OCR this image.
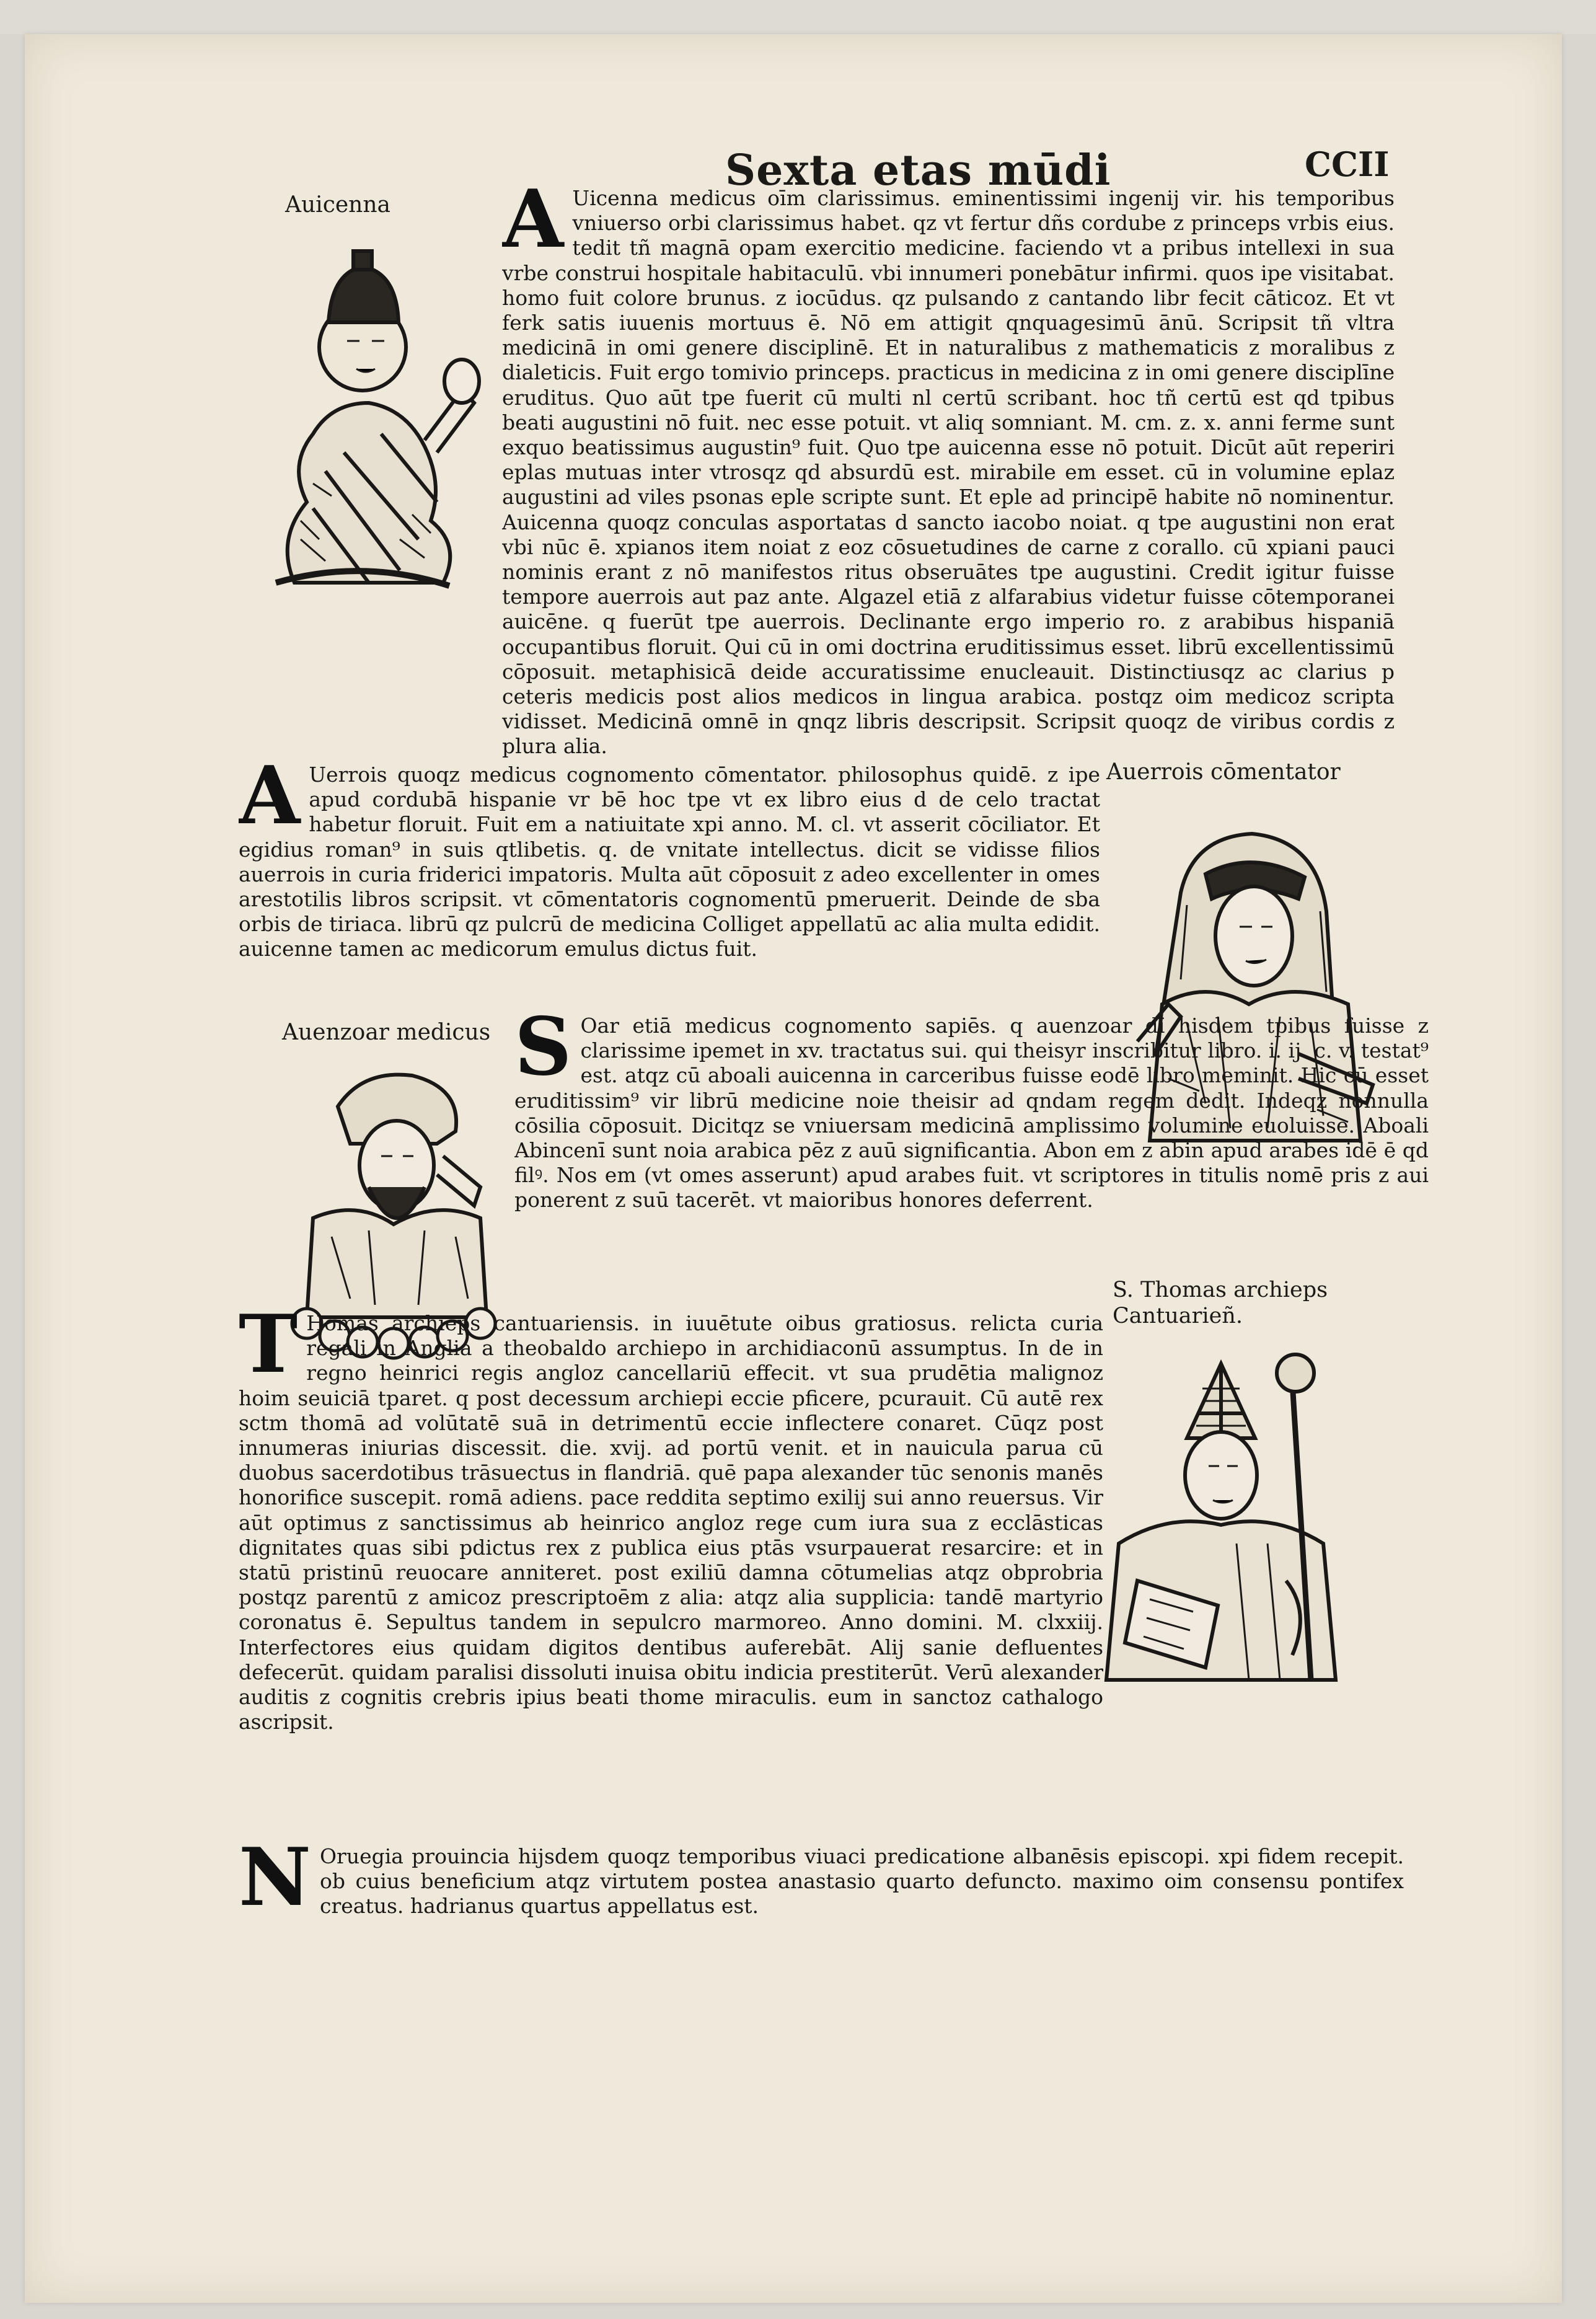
Sexta etas mūdi	CCII
Auicenna A Uicenna medicus oīm clarissimus. eminentissimi ingenij vir. his temporibus vniuerso orbi clarissimus habet. qz vt fertur dñs cordube z princeps vrbis eius. tedit tñ magnā opam exercitio medicine. faciendo vt a pribus intellexi in sua vrbe construi hospitale habitaculū. vbi innumeri ponebātur infirmi. quos ipe visitabat. homo fuit colore brunus. z iocūdus. qz pulsando z cantando libr fecit cāticoz. Et vt ferk satis iuuenis mortuus ē. Nō em attigit qnquagesimū ānū. Scripsit tñ vltra medicinā in omi genere disciplinē. Et in naturalibus z mathematicis z moralibus z dialeticis. Fuit ergo tomivio princeps. practicus in medicina z in omi genere disciplīne eruditus. Quo aūt tpe fuerit cū multi nl certū scribant. hoc tñ certū est qd tpibus beati augustini nō fuit. nec esse potuit. vt aliq somniant. M. cm. z. x. anni ferme sunt exquo beatissimus augustin⁹ fuit. Quo tpe auicenna esse nō potuit. Dicūt aūt reperiri eplas mutuas inter vtrosqz qd absurdū est. mirabile em esset. cū in volumine eplaz augustini ad viles psonas eple scripte sunt. Et eple ad principē habite nō nominentur. Auicenna quoqz conculas asportatas d sancto iacobo noiat. q tpe augustini non erat vbi nūc ē. xpianos item noiat z eoz cōsuetudines de carne z corallo. cū xpiani pauci nominis erant z nō manifestos ritus obseruātes tpe augustini. Credit igitur fuisse tempore auerrois aut paz ante. Algazel etiā z alfarabius videtur fuisse cōtemporanei auicēne. q fuerūt tpe auerrois. Declinante ergo imperio ro. z arabibus hispaniā occupantibus floruit. Qui cū in omi doctrina eruditissimus esset. librū excellentissimū cōposuit. metaphisicā deide accuratissime enucleauit. Distinctiusqz ac clarius p ceteris medicis post alios medicos in lingua arabica. postqz oim medicoz scripta vidisset. Medicinā omnē in qnqz libris descripsit. Scripsit quoqz de viribus cordis z plura alia.
Auerrois cōmentator
A Uerrois quoqz medicus cognomento cōmentator. philosophus quidē. z ipe apud cordubā hispanie vr bē hoc tpe vt ex libro eius d de celo tractat habetur floruit. Fuit em a natiuitate xpi anno. M. cl. vt asserit cōciliator. Et egidius roman⁹ in suis qtlibetis. q. de vnitate intellectus. dicit se vidisse filios auerrois in curia friderici impatoris. Multa aūt cōposuit z adeo excellenter in omes arestotilis libros scripsit. vt cōmentatoris cognomentū pmeruerit. Deinde de sba orbis de tiriaca. librū qz pulcrū de medicina Colliget appellatū ac alia multa edidit. auicenne tamen ac medicorum emulus dictus fuit.
Auenzoar medicus S Oar etiā medicus cognomento sapiēs. q auenzoar dī hisdem tpibus fuisse z clarissime ipemet in xv. tractatus sui. qui theisyr inscribitur libro. i. ij. c. v. testat⁹ est. atqz cū aboali auicenna in carceribus fuisse eodē libro meminit. Hic cū esset eruditissim⁹ vir librū medicine noie theisir ad qndam regem dedit. Indeqz nonnulla cōsilia cōposuit. Dicitqz se vniuersam medicinā amplissimo volumine euoluisse. Aboali Abincenī sunt noia arabica pēz z auū significantia. Abon em z abin apud arabes idē ē qd filꝰ. Nos em (vt omes asserunt) apud arabes fuit. vt scriptores in titulis nomē pris z aui ponerent z suū tacerēt. vt maioribus honores deferrent.
S. Thomas archieps Cantuarieñ.
T Homas archieps cantuariensis. in iuuētute oibus gratiosus. relicta curia regali in Anglia a theobaldo archiepo in archidiaconū assumptus. In de in regno heinrici regis angloz cancellariū effecit. vt sua prudētia malignoz hoim seuiciā tparet. q post decessum archiepi eccie pficere, pcurauit. Cū autē rex sctm thomā ad volūtatē suā in detrimentū eccie inflectere conaret. Cūqz post innumeras iniurias discessit. die. xvij. ad portū venit. et in nauicula parua cū duobus sacerdotibus trāsuectus in flandriā. quē papa alexander tūc senonis manēs honorifice suscepit. romā adiens. pace reddita septimo exilij sui anno reuersus. Vir aūt optimus z sanctissimus ab heinrico angloz rege cum iura sua z ecclāsticas dignitates quas sibi pdictus rex z publica eius ptās vsurpauerat resarcire: et in statū pristinū reuocare anniteret. post exiliū damna cōtumelias atqz obprobria postqz parentū z amicoz prescriptoēm z alia: atqz alia supplicia: tandē martyrio coronatus ē. Sepultus tandem in sepulcro marmoreo. Anno domini. M. clxxiij. Interfectores eius quidam digitos dentibus auferebāt. Alij sanie defluentes defecerūt. quidam paralisi dissoluti inuisa obitu indicia prestiterūt. Verū alexander auditis z cognitis crebris ipius beati thome miraculis. eum in sanctoz cathalogo ascripsit.
N Oruegia prouincia hijsdem quoqz temporibus viuaci predicatione albanēsis episcopi. xpi fidem recepit. ob cuius beneficium atqz virtutem postea anastasio quarto defuncto. maximo oim consensu pontifex creatus. hadrianus quartus appellatus est.
